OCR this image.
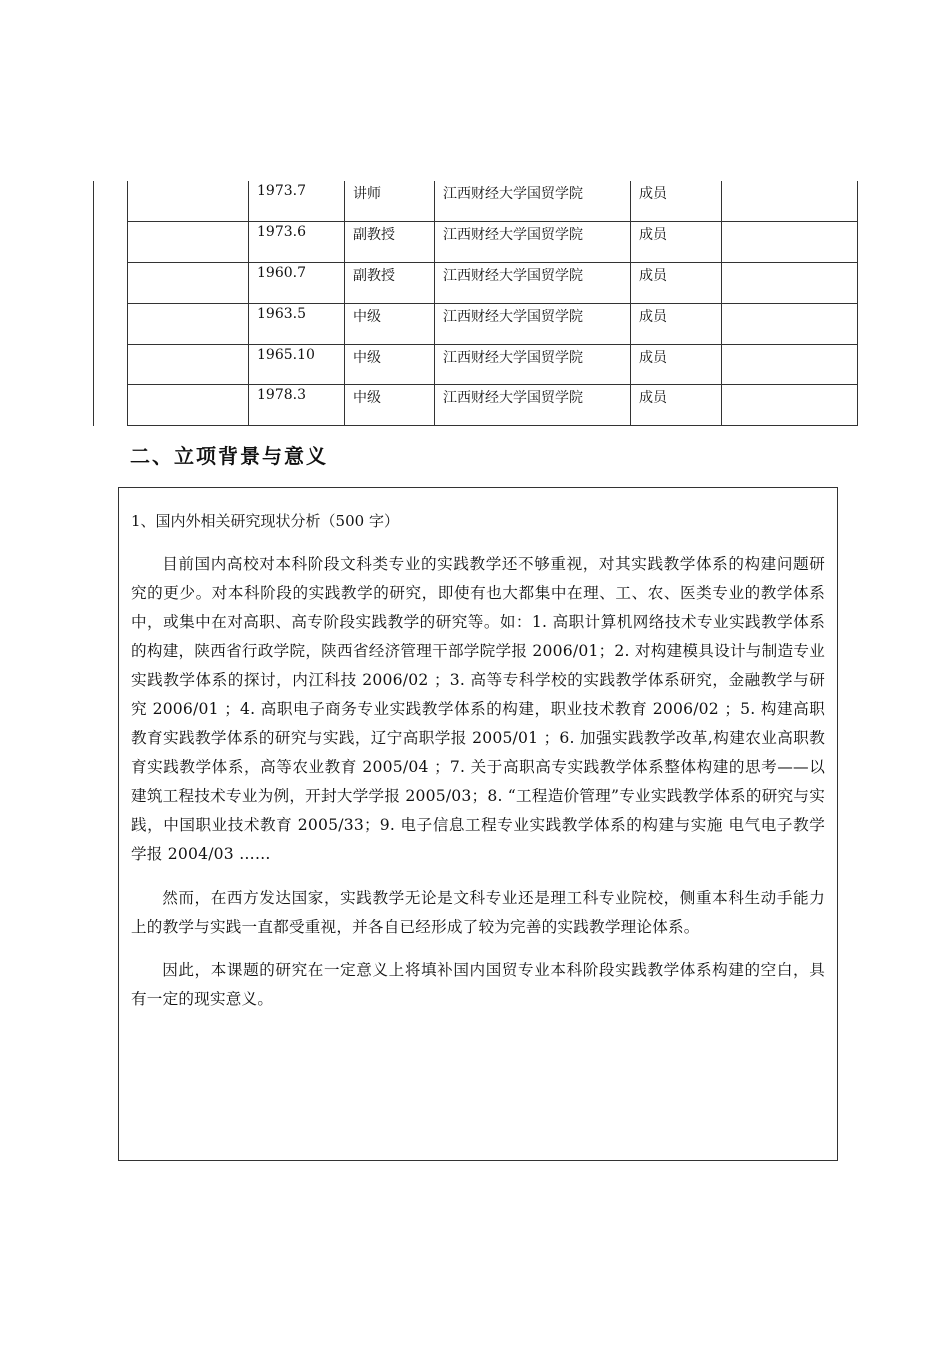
		1973.7	讲师	江西财经大学国贸学院	成员	
		1973.6	副教授	江西财经大学国贸学院	成员	
		1960.7	副教授	江西财经大学国贸学院	成员	
		1963.5	中级	江西财经大学国贸学院	成员	
		1965.10	中级	江西财经大学国贸学院	成员	
		1978.3	中级	江西财经大学国贸学院	成员	
二、立项背景与意义
1、国内外相关研究现状分析（500 字）

目前国内高校对本科阶段文科类专业的实践教学还不够重视，对其实践教学体系的构建问题研究的更少。对本科阶段的实践教学的研究，即使有也大都集中在理、工、农、医类专业的教学体系中，或集中在对高职、高专阶段实践教学的研究等。如：1. 高职计算机网络技术专业实践教学体系的构建，陕西省行政学院，陕西省经济管理干部学院学报 2006/01；2. 对构建模具设计与制造专业实践教学体系的探讨，内江科技 2006/02 ；3. 高等专科学校的实践教学体系研究，金融教学与研究 2006/01 ；4. 高职电子商务专业实践教学体系的构建，职业技术教育 2006/02 ；5. 构建高职教育实践教学体系的研究与实践，辽宁高职学报 2005/01 ；6. 加强实践教学改革,构建农业高职教育实践教学体系，高等农业教育 2005/04 ；7. 关于高职高专实践教学体系整体构建的思考——以建筑工程技术专业为例，开封大学学报 2005/03；8. “工程造价管理”专业实践教学体系的研究与实践，中国职业技术教育 2005/33；9. 电子信息工程专业实践教学体系的构建与实施 电气电子教学学报 2004/03 ……

然而，在西方发达国家，实践教学无论是文科专业还是理工科专业院校，侧重本科生动手能力上的教学与实践一直都受重视，并各自已经形成了较为完善的实践教学理论体系。

因此，本课题的研究在一定意义上将填补国内国贸专业本科阶段实践教学体系构建的空白，具有一定的现实意义。
